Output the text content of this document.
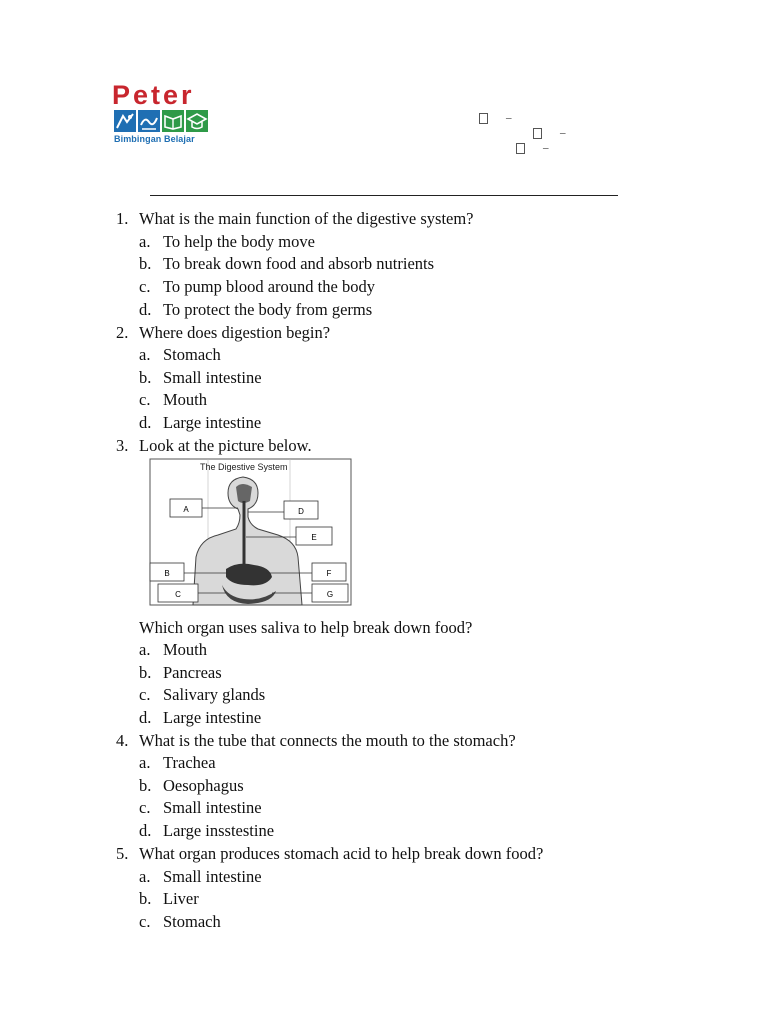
Peter
Bimbingan Belajar
–
–
–
1. What is the main function of the digestive system?
a. To help the body move
b. To break down food and absorb nutrients
c. To pump blood around the body
d. To protect the body from germs
2. Where does digestion begin?
a. Stomach
b. Small intestine
c. Mouth
d. Large intestine
3. Look at the picture below.
The Digestive System
A	D
E
B	F
C	G
Which organ uses saliva to help break down food?
a. Mouth
b. Pancreas
c. Salivary glands
d. Large intestine
4. What is the tube that connects the mouth to the stomach?
a. Trachea
b. Oesophagus
c. Small intestine
d. Large insstestine
5. What organ produces stomach acid to help break down food?
a. Small intestine
b. Liver
c. Stomach
